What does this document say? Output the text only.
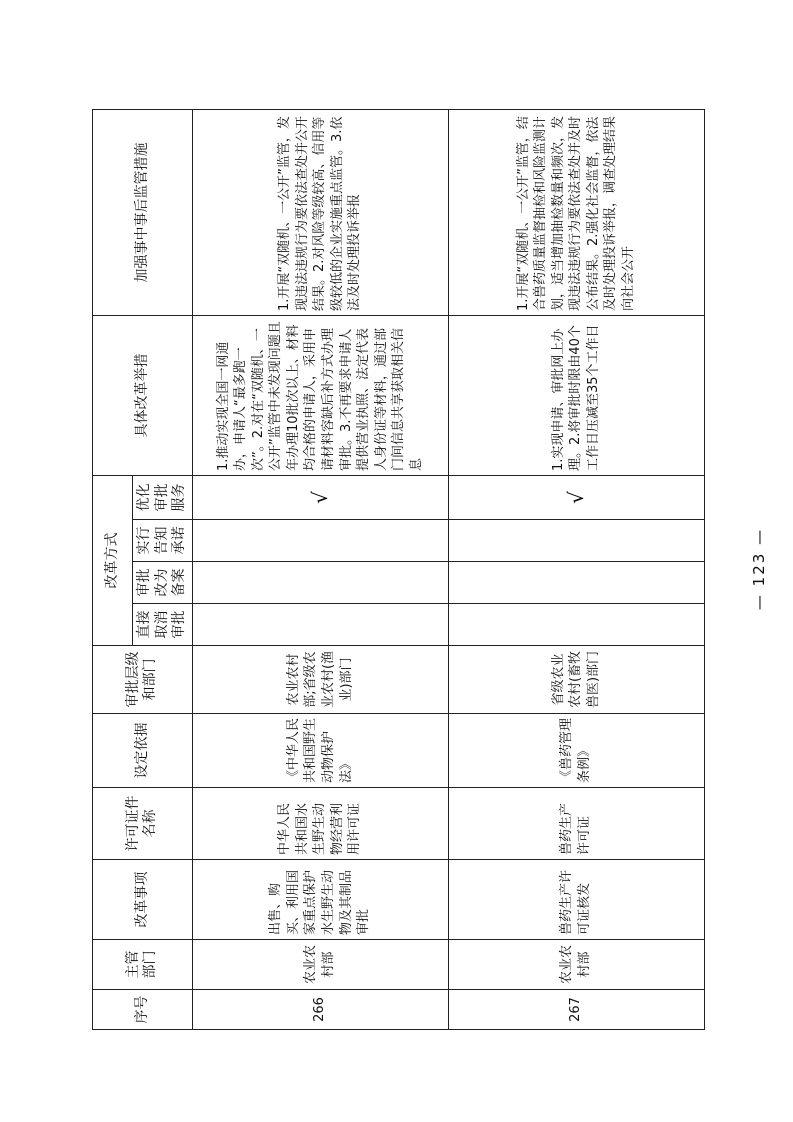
序号	主管部门	改革事项	许可证件名称	设定依据	审批层级和部门	改革方式				具体改革举措	加强事中事后监管措施
						直接取消审批	审批改为备案	实行告知承诺	优化审批服务		
266	农业农村部	出售、购买、利用国家重点保护水生野生动物及其制品审批	中华人民共和国水生野生动物经营利用许可证	《中华人民共和国野生动物保护法》	农业农村部;省级农业农村(渔业)部门				√	1.推动实现全国一网通办，申请人“最多跑一次”。2.对在“双随机、一公开”监管中未发现问题且年办理10批次以上、材料均合格的申请人，采用申请材料容缺后补方式办理审批。3.不再要求申请人提供营业执照、法定代表人身份证等材料，通过部门间信息共享获取相关信息	1.开展“双随机、一公开”监管，发现违法违规行为要依法查处并公开结果。2.对风险等级较高、信用等级较低的企业实施重点监管。3.依法及时处理投诉举报
267	农业农村部	兽药生产许可证核发	兽药生产许可证	《兽药管理条例》	省级农业农村(畜牧兽医)部门				√	1.实现申请、审批网上办理。2.将审批时限由40个工作日压减至35个工作日	1.开展“双随机、一公开”监管，结合兽药质量监督抽检和风险监测计划，适当增加抽检数量和频次，发现违法违规行为要依法查处并及时公布结果。2.强化社会监督，依法及时处理投诉举报，调查处理结果向社会公开
— 123 —
